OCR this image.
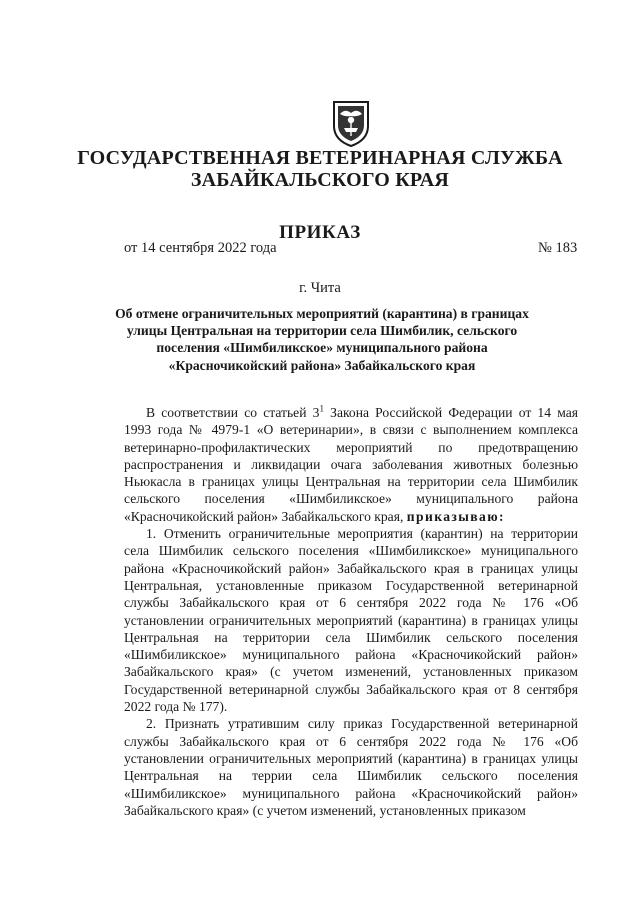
ГОСУДАРСТВЕННАЯ ВЕТЕРИНАРНАЯ СЛУЖБА
ЗАБАЙКАЛЬСКОГО КРАЯ
ПРИКАЗ
от 14 сентября 2022 года	№ 183
г. Чита
Об отмене ограничительных мероприятий (карантина) в границах улицы Центральная на территории села Шимбилик, сельского поселения «Шимбиликское» муниципального района «Красночикойский района» Забайкальского края

В соответствии со статьей $3^1$ Закона Российской Федерации от 14 мая 1993 года № 4979-1 «О ветеринарии», в связи с выполнением комплекса ветеринарно-профилактических мероприятий по предотвращению распространения и ликвидации очага заболевания животных болезнью Ньюкасла в границах улицы Центральная на территории села Шимбилик сельского поселения «Шимбиликское» муниципального района «Красночикойский район» Забайкальского края, приказываю:

1. Отменить ограничительные мероприятия (карантин) на территории села Шимбилик сельского поселения «Шимбиликское» муниципального района «Красночикойский район» Забайкальского края в границах улицы Центральная, установленные приказом Государственной ветеринарной службы Забайкальского края от 6 сентября 2022 года № 176 «Об установлении ограничительных мероприятий (карантина) в границах улицы Центральная на территории села Шимбилик сельского поселения «Шимбиликское» муниципального района «Красночикойский район» Забайкальского края» (с учетом изменений, установленных приказом Государственной ветеринарной службы Забайкальского края от 8 сентября 2022 года № 177).

2. Признать утратившим силу приказ Государственной ветеринарной службы Забайкальского края от 6 сентября 2022 года № 176 «Об установлении ограничительных мероприятий (карантина) в границах улицы Центральная на террии села Шимбилик сельского поселения «Шимбиликское» муниципального района «Красночикойский район» Забайкальского края» (с учетом изменений, установленных приказом
